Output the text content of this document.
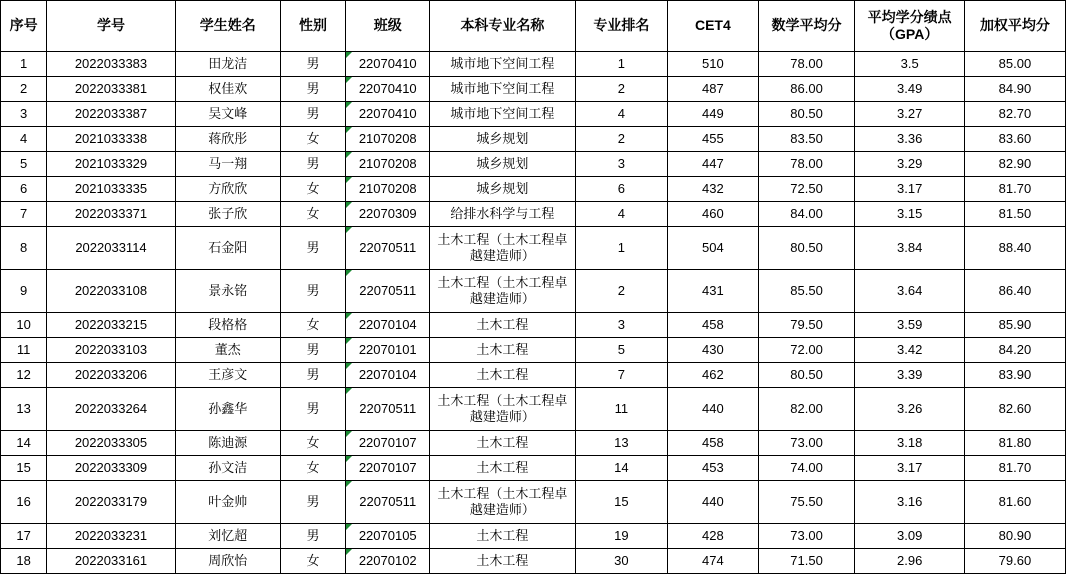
序号	学号	学生姓名	性别	班级	本科专业名称	专业排名	CET4	数学平均分	平均学分绩点（GPA）	加权平均分
1	2022033383	田龙洁	男	22070410	城市地下空间工程	1	510	78.00	3.5	85.00
2	2022033381	权佳欢	男	22070410	城市地下空间工程	2	487	86.00	3.49	84.90
3	2022033387	吴文峰	男	22070410	城市地下空间工程	4	449	80.50	3.27	82.70
4	2021033338	蒋欣彤	女	21070208	城乡规划	2	455	83.50	3.36	83.60
5	2021033329	马一翔	男	21070208	城乡规划	3	447	78.00	3.29	82.90
6	2021033335	方欣欣	女	21070208	城乡规划	6	432	72.50	3.17	81.70
7	2022033371	张子欣	女	22070309	给排水科学与工程	4	460	84.00	3.15	81.50
8	2022033114	石金阳	男	22070511	土木工程（土木工程卓越建造师）	1	504	80.50	3.84	88.40
9	2022033108	景永铭	男	22070511	土木工程（土木工程卓越建造师）	2	431	85.50	3.64	86.40
10	2022033215	段格格	女	22070104	土木工程	3	458	79.50	3.59	85.90
11	2022033103	董杰	男	22070101	土木工程	5	430	72.00	3.42	84.20
12	2022033206	王彦文	男	22070104	土木工程	7	462	80.50	3.39	83.90
13	2022033264	孙鑫华	男	22070511	土木工程（土木工程卓越建造师）	11	440	82.00	3.26	82.60
14	2022033305	陈迪源	女	22070107	土木工程	13	458	73.00	3.18	81.80
15	2022033309	孙文洁	女	22070107	土木工程	14	453	74.00	3.17	81.70
16	2022033179	叶金帅	男	22070511	土木工程（土木工程卓越建造师）	15	440	75.50	3.16	81.60
17	2022033231	刘忆超	男	22070105	土木工程	19	428	73.00	3.09	80.90
18	2022033161	周欣怡	女	22070102	土木工程	30	474	71.50	2.96	79.60
